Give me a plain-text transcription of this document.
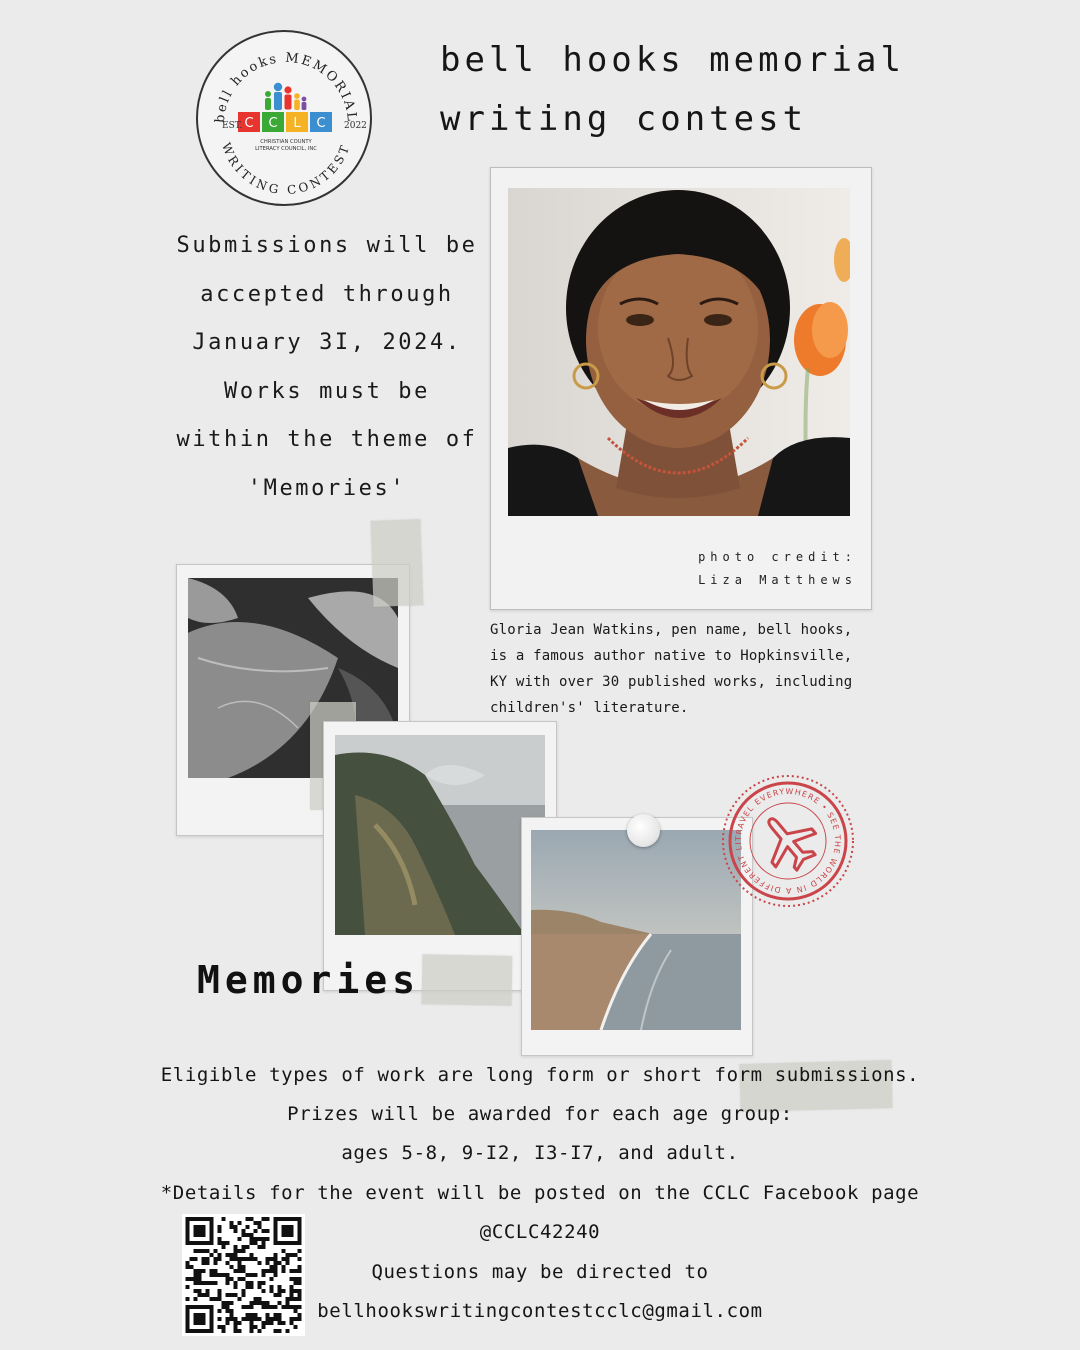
bell hooks MEMORIAL
WRITING CONTEST
C C L C
EST.	2022
CHRISTIAN COUNTY
LITERACY COUNCIL, INC
bell hooks memorial
writing contest
Submissions will be
accepted through
January 3I, 2024.
Works must be
within the theme of
'Memories'
photo credit:
Liza Matthews
Gloria Jean Watkins, pen name, bell hooks,
is a famous author native to Hopkinsville,
KY with over 30 published works, including
children's' literature.
Memories
TRAVEL EVERYWHERE • SEE THE WORLD IN A DIFFERENT LI
Eligible types of work are long form or short form submissions.
Prizes will be awarded for each age group:
ages 5-8, 9-I2, I3-I7, and adult.
*Details for the event will be posted on the CCLC Facebook page
@CCLC42240
Questions may be directed to
bellhookswritingcontestcclc@gmail.com
